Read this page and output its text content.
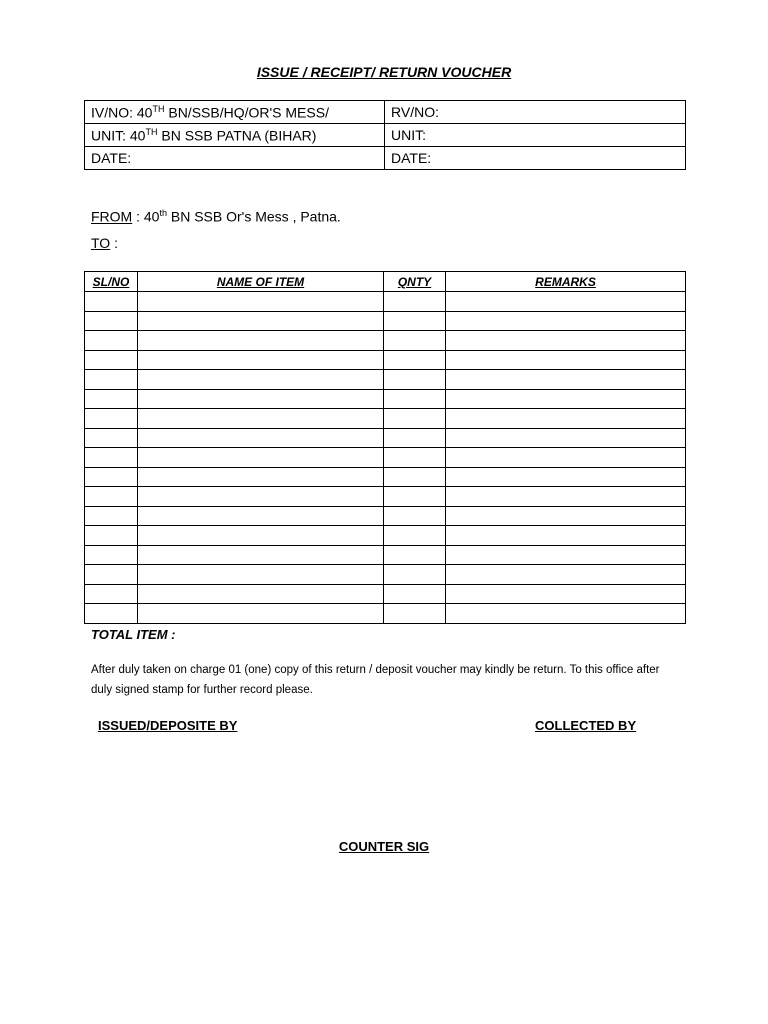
ISSUE / RECEIPT/ RETURN VOUCHER
IV/NO: 40TH BN/SSB/HQ/OR'S MESS/	RV/NO:
UNIT: 40TH BN SSB PATNA (BIHAR)	UNIT:
DATE:	DATE:
FROM : 40th BN SSB Or's Mess , Patna.
TO :
SL/NO	NAME OF ITEM	QNTY	REMARKS

TOTAL ITEM :
After duly taken on charge 01 (one) copy of this return / deposit voucher may kindly be return. To this office after duly signed stamp for further record please.
ISSUED/DEPOSITE BY	COLLECTED BY
COUNTER SIG
